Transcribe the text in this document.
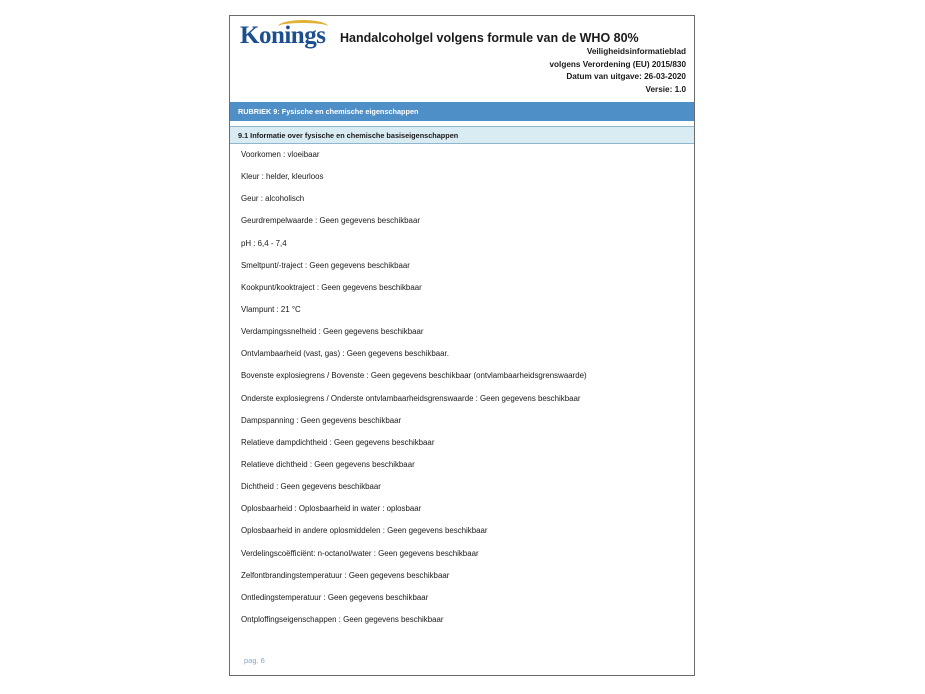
Konings Handalcoholgel volgens formule van de WHO 80%
Veiligheidsinformatieblad
volgens Verordening (EU) 2015/830
Datum van uitgave: 26-03-2020
Versie: 1.0
RUBRIEK 9: Fysische en chemische eigenschappen
9.1 Informatie over fysische en chemische basiseigenschappen
Voorkomen : vloeibaar
Kleur : helder, kleurloos
Geur : alcoholisch
Geurdrempelwaarde : Geen gegevens beschikbaar
pH : 6,4 - 7,4
Smeltpunt/-traject : Geen gegevens beschikbaar
Kookpunt/kooktraject : Geen gegevens beschikbaar
Vlampunt : 21 °C
Verdampingssnelheid : Geen gegevens beschikbaar
Ontvlambaarheid (vast, gas) : Geen gegevens beschikbaar.
Bovenste explosiegrens / Bovenste : Geen gegevens beschikbaar (ontvlambaarheidsgrenswaarde)
Onderste explosiegrens / Onderste ontvlambaarheidsgrenswaarde : Geen gegevens beschikbaar
Dampspanning : Geen gegevens beschikbaar
Relatieve dampdichtheid : Geen gegevens beschikbaar
Relatieve dichtheid : Geen gegevens beschikbaar
Dichtheid : Geen gegevens beschikbaar
Oplosbaarheid : Oplosbaarheid in water : oplosbaar
Oplosbaarheid in andere oplosmiddelen : Geen gegevens beschikbaar
Verdelingscoëfficiënt: n-octanol/water : Geen gegevens beschikbaar
Zelfontbrandingstemperatuur : Geen gegevens beschikbaar
Ontledingstemperatuur : Geen gegevens beschikbaar
Ontploffingseigenschappen : Geen gegevens beschikbaar
pag. 6
